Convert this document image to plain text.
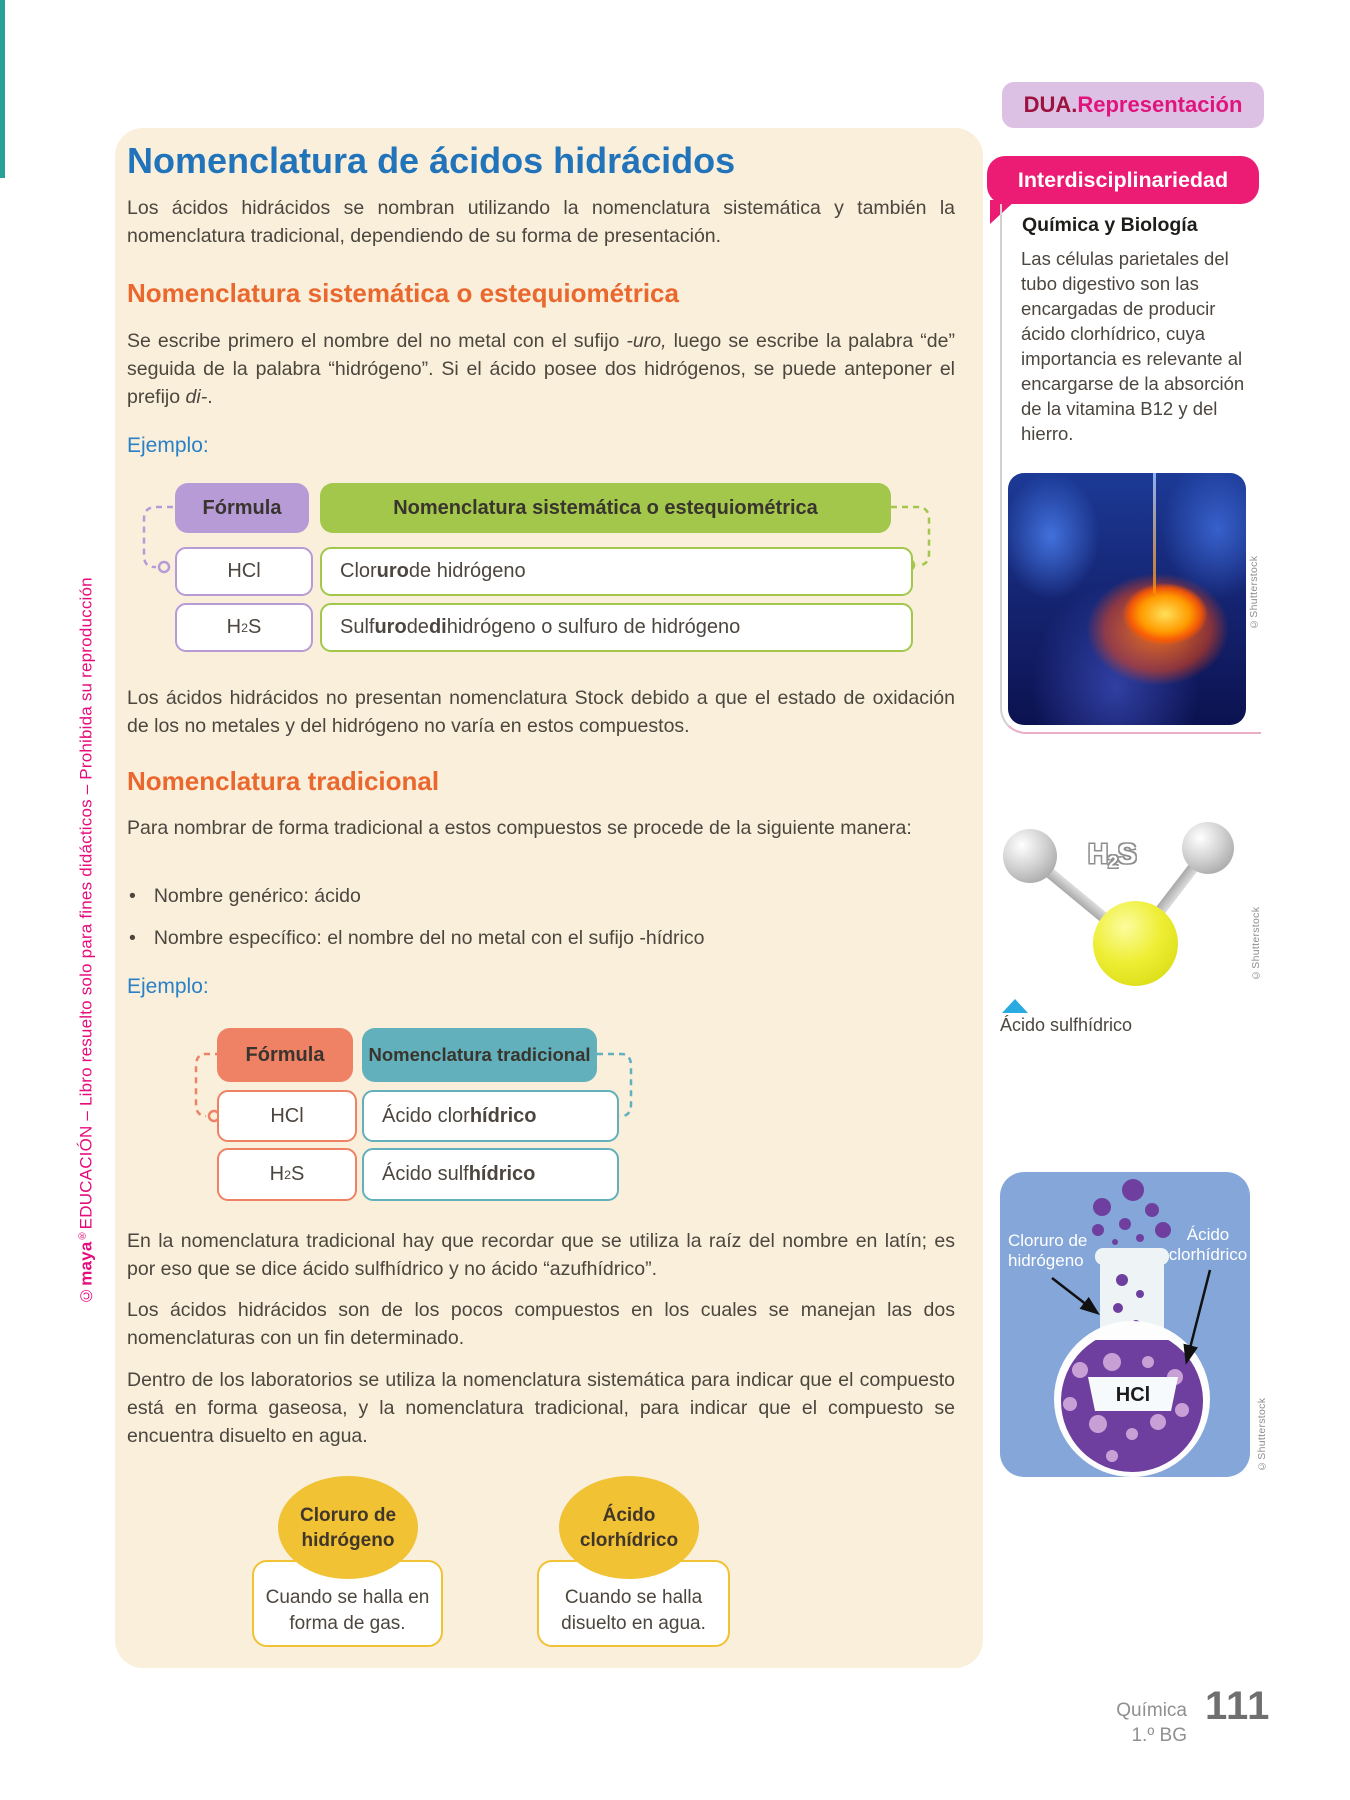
©maya®EDUCACIÓN – Libro resuelto solo para fines didácticos – Prohibida su reproducción
Nomenclatura de ácidos hidrácidos
Los ácidos hidrácidos se nombran utilizando la nomenclatura sistemática y también la nomenclatura tradicional, dependiendo de su forma de presentación.
Nomenclatura sistemática o estequiométrica
Se escribe primero el nombre del no metal con el sufijo -uro, luego se escribe la palabra “de” seguida de la palabra “hidrógeno”. Si el ácido posee dos hidrógenos, se puede anteponer el prefijo di-.
Ejemplo:
Fórmula	Nomenclatura sistemática o estequiométrica
HCl	Clor uro de hidrógeno
H 2 S	Sulf uro de di hidrógeno o sulfuro de hidrógeno
Los ácidos hidrácidos no presentan nomenclatura Stock debido a que el estado de oxidación de los no metales y del hidrógeno no varía en estos compuestos.
Nomenclatura tradicional
Para nombrar de forma tradicional a estos compuestos se procede de la siguiente manera:
• Nombre genérico: ácido
• Nombre específico: el nombre del no metal con el sufijo -hídrico
Ejemplo:
Fórmula	Nomenclatura tradicional
HCl	Ácido clor hídrico
H 2 S	Ácido sulf hídrico
En la nomenclatura tradicional hay que recordar que se utiliza la raíz del nombre en latín; es por eso que se dice ácido sulfhídrico y no ácido “azufhídrico”.
Los ácidos hidrácidos son de los pocos compuestos en los cuales se manejan las dos nomenclaturas con un fin determinado.
Dentro de los laboratorios se utiliza la nomenclatura sistemática para indicar que el compuesto está en forma gaseosa, y la nomenclatura tradicional, para indicar que el compuesto se encuentra disuelto en agua.
Cuando se halla en forma de gas.
Cuando se halla disuelto en agua.
Cloruro de hidrógeno
Ácido clorhídrico
DUA. Representación
Interdisciplinariedad
Química y Biología
Las células parietales del tubo digestivo son las encargadas de producir ácido clorhídrico, cuya importancia es relevante al encargarse de la absorción de la vitamina B12 y del hierro.
©Shutterstock
H2S
©Shutterstock
Ácido sulfhídrico
HCl
Cloruro de
hidrógeno
Ácido
clorhídrico
©Shutterstock
Química
1.º BG
111
